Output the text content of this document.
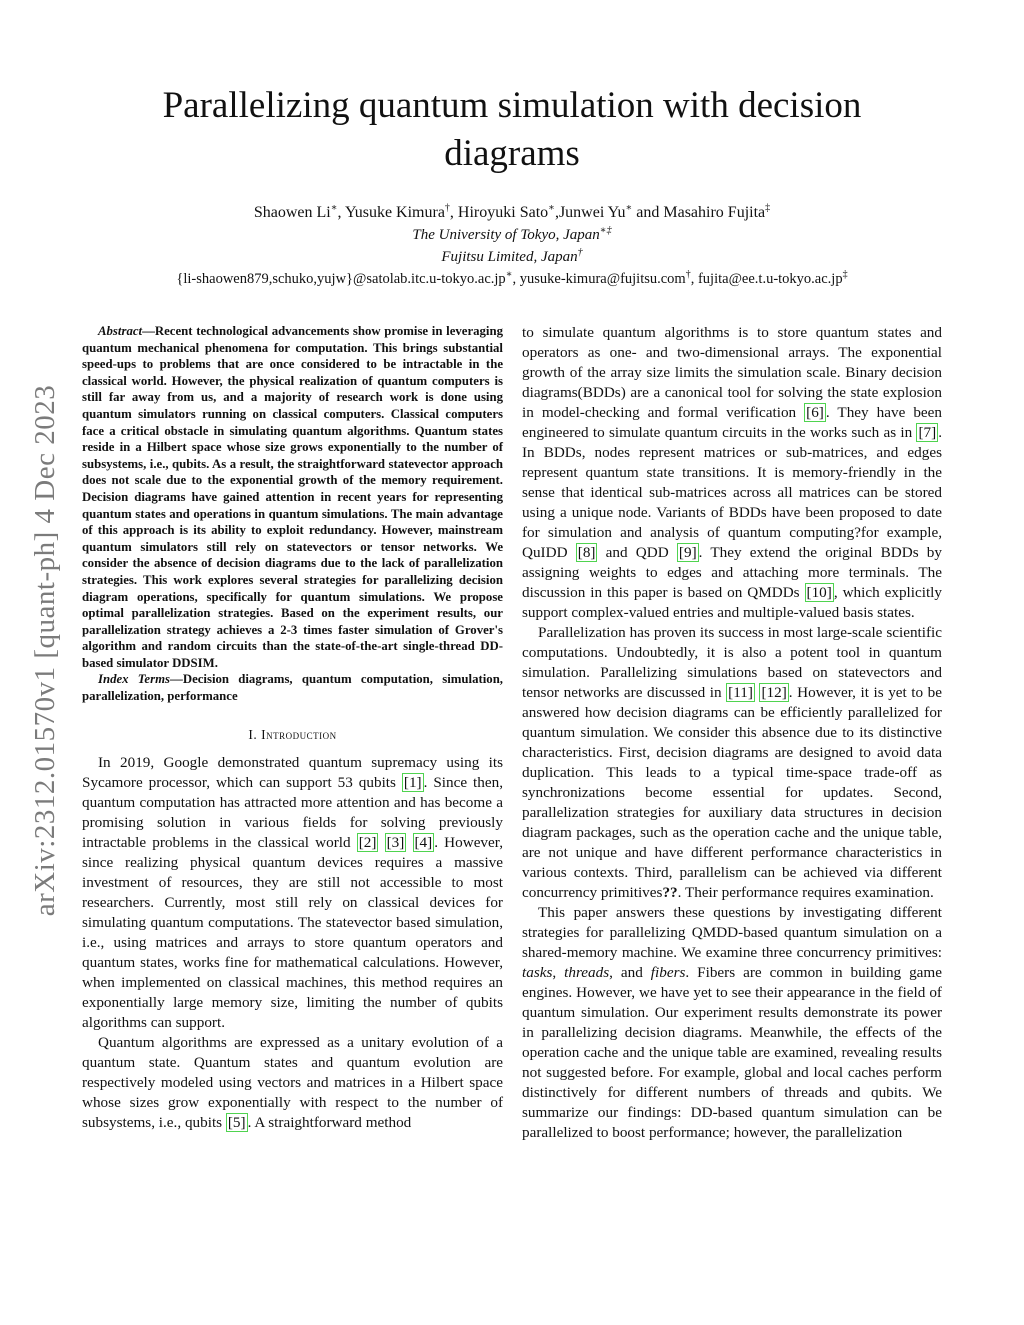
arXiv:2312.01570v1 [quant-ph] 4 Dec 2023
Parallelizing quantum simulation with decision diagrams
Shaowen Li∗, Yusuke Kimura†, Hiroyuki Sato∗,Junwei Yu∗ and Masahiro Fujita‡
The University of Tokyo, Japan∗‡
Fujitsu Limited, Japan†
{li-shaowen879,schuko,yujw}@satolab.itc.u-tokyo.ac.jp∗, yusuke-kimura@fujitsu.com†, fujita@ee.t.u-tokyo.ac.jp‡

Abstract—Recent technological advancements show promise in leveraging quantum mechanical phenomena for computation. This brings substantial speed-ups to problems that are once considered to be intractable in the classical world. However, the physical realization of quantum computers is still far away from us, and a majority of research work is done using quantum simulators running on classical computers. Classical computers face a critical obstacle in simulating quantum algorithms. Quantum states reside in a Hilbert space whose size grows exponentially to the number of subsystems, i.e., qubits. As a result, the straightforward statevector approach does not scale due to the exponential growth of the memory requirement. Decision diagrams have gained attention in recent years for representing quantum states and operations in quantum simulations. The main advantage of this approach is its ability to exploit redundancy. However, mainstream quantum simulators still rely on statevectors or tensor networks. We consider the absence of decision diagrams due to the lack of parallelization strategies. This work explores several strategies for parallelizing decision diagram operations, specifically for quantum simulations. We propose optimal parallelization strategies. Based on the experiment results, our parallelization strategy achieves a 2-3 times faster simulation of Grover's algorithm and random circuits than the state-of-the-art single-thread DD-based simulator DDSIM.

Index Terms—Decision diagrams, quantum computation, simulation, parallelization, performance

I. Introduction

In 2019, Google demonstrated quantum supremacy using its Sycamore processor, which can support 53 qubits [1] . Since then, quantum computation has attracted more attention and has become a promising solution in various fields for solving previously intractable problems in the classical world [2] [3] [4] . However, since realizing physical quantum devices requires a massive investment of resources, they are still not accessible to most researchers. Currently, most still rely on classical devices for simulating quantum computations. The statevector based simulation, i.e., using matrices and arrays to store quantum operators and quantum states, works fine for mathematical calculations. However, when implemented on classical machines, this method requires an exponentially large memory size, limiting the number of qubits algorithms can support.

Quantum algorithms are expressed as a unitary evolution of a quantum state. Quantum states and quantum evolution are respectively modeled using vectors and matrices in a Hilbert space whose sizes grow exponentially with respect to the number of subsystems, i.e., qubits [5] . A straightforward method

to simulate quantum algorithms is to store quantum states and operators as one- and two-dimensional arrays. The exponential growth of the array size limits the simulation scale. Binary decision diagrams(BDDs) are a canonical tool for solving the state explosion in model-checking and formal verification [6] . They have been engineered to simulate quantum circuits in the works such as in [7] . In BDDs, nodes represent matrices or sub-matrices, and edges represent quantum state transitions. It is memory-friendly in the sense that identical sub-matrices across all matrices can be stored using a unique node. Variants of BDDs have been proposed to date for simulation and analysis of quantum computing?for example, QuIDD [8] and QDD [9] . They extend the original BDDs by assigning weights to edges and attaching more terminals. The discussion in this paper is based on QMDDs [10] , which explicitly support complex-valued entries and multiple-valued basis states.

Parallelization has proven its success in most large-scale scientific computations. Undoubtedly, it is also a potent tool in quantum simulation. Parallelizing simulations based on statevectors and tensor networks are discussed in [11] [12] . However, it is yet to be answered how decision diagrams can be efficiently parallelized for quantum simulation. We consider this absence due to its distinctive characteristics. First, decision diagrams are designed to avoid data duplication. This leads to a typical time-space trade-off as synchronizations become essential for updates. Second, parallelization strategies for auxiliary data structures in decision diagram packages, such as the operation cache and the unique table, are not unique and have different performance characteristics in various contexts. Third, parallelism can be achieved via different concurrency primitives??. Their performance requires examination.

This paper answers these questions by investigating different strategies for parallelizing QMDD-based quantum simulation on a shared-memory machine. We examine three concurrency primitives: tasks, threads, and fibers. Fibers are common in building game engines. However, we have yet to see their appearance in the field of quantum simulation. Our experiment results demonstrate its power in parallelizing decision diagrams. Meanwhile, the effects of the operation cache and the unique table are examined, revealing results not suggested before. For example, global and local caches perform distinctively for different numbers of threads and qubits. We summarize our findings: DD-based quantum simulation can be parallelized to boost performance; however, the parallelization
